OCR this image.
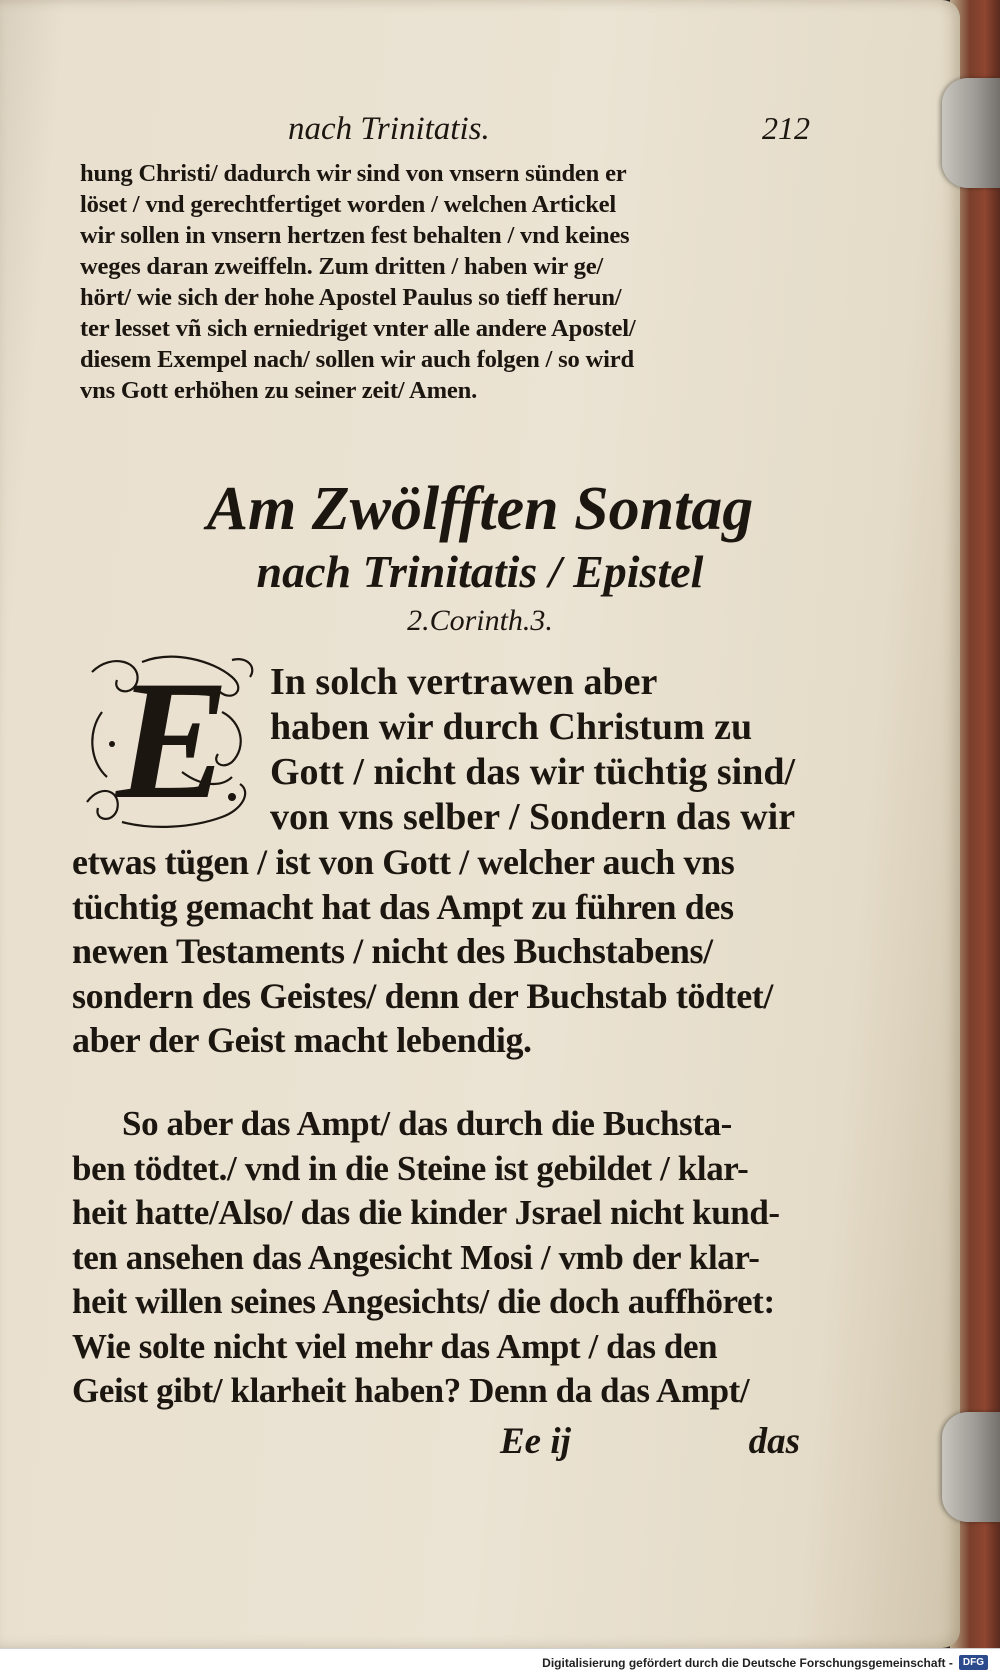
nach Trinitatis.	212

hung Christi/ dadurch wir sind von vnsern sünden er

löset / vnd gerechtfertiget worden / welchen Artickel

wir sollen in vnsern hertzen fest behalten / vnd keines

weges daran zweiffeln. Zum dritten / haben wir ge/

hört/ wie sich der hohe Apostel Paulus so tieff herun/

ter lesset vñ sich erniedriget vnter alle andere Apostel/

diesem Exempel nach/ sollen wir auch folgen / so wird

vns Gott erhöhen zu seiner zeit/ Amen.

Am Zwölfften Sontag
nach Trinitatis / Epistel
2.Corinth.3.
E In solch vertrawen aber

haben wir durch Christum zu

Gott / nicht das wir tüchtig sind/

von vns selber / Sondern das wir

etwas tügen / ist von Gott / welcher auch vns

tüchtig gemacht hat das Ampt zu führen des

newen Testaments / nicht des Buchstabens/

sondern des Geistes/ denn der Buchstab tödtet/

aber der Geist macht lebendig.

So aber das Ampt/ das durch die Buchsta-

ben tödtet./ vnd in die Steine ist gebildet / klar-

heit hatte/Also/ das die kinder Jsrael nicht kund-

ten ansehen das Angesicht Mosi / vmb der klar-

heit willen seines Angesichts/ die doch auffhöret:

Wie solte nicht viel mehr das Ampt / das den

Geist gibt/ klarheit haben? Denn da das Ampt/

Ee ij	das
Digitalisierung gefördert durch die Deutsche Forschungsgemeinschaft -	DFG
